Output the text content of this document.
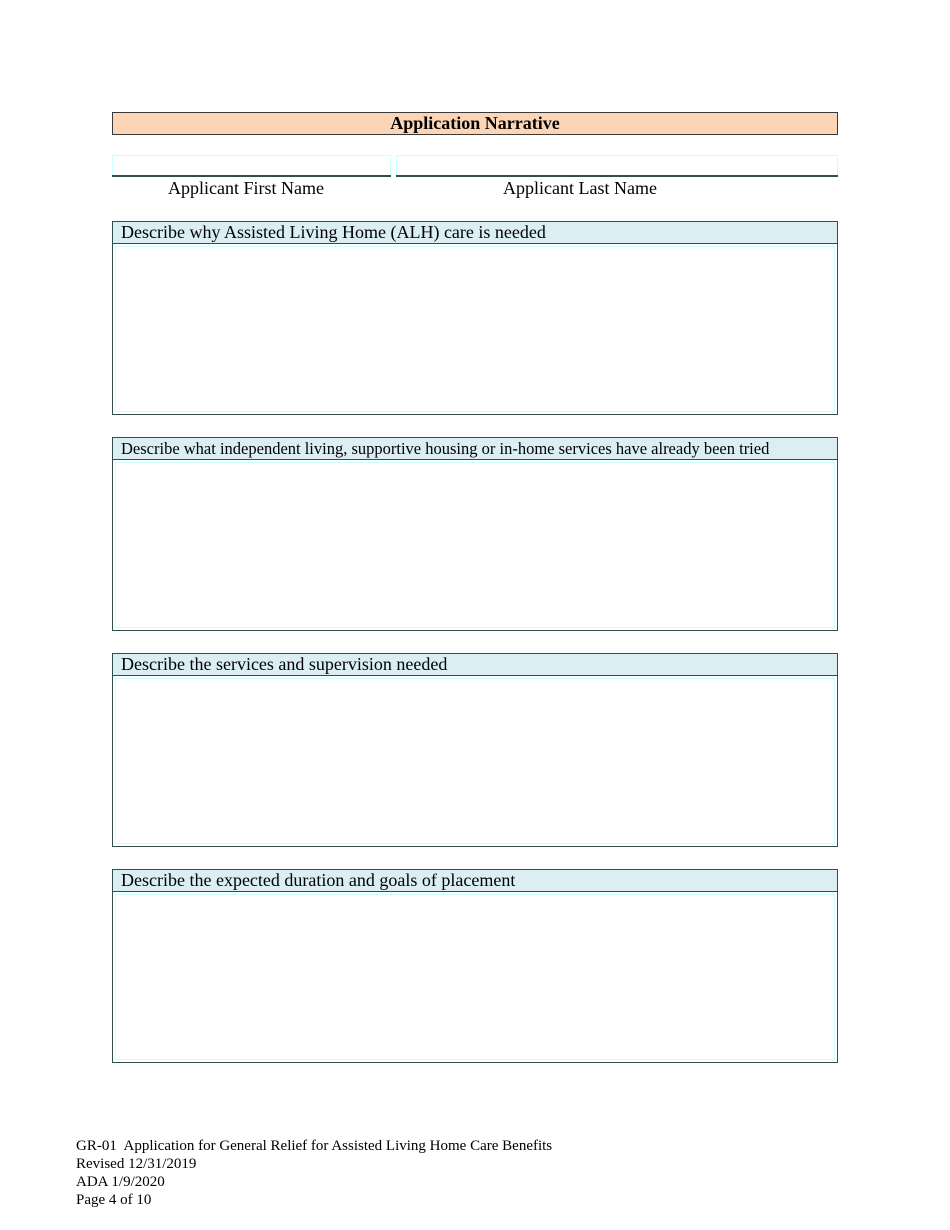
Application Narrative
Applicant First Name	Applicant Last Name
Describe why Assisted Living Home (ALH) care is needed
Describe what independent living, supportive housing or in-home services have already been tried
Describe the services and supervision needed
Describe the expected duration and goals of placement
GR-01  Application for General Relief for Assisted Living Home Care Benefits
Revised 12/31/2019
ADA 1/9/2020
Page 4 of 10
